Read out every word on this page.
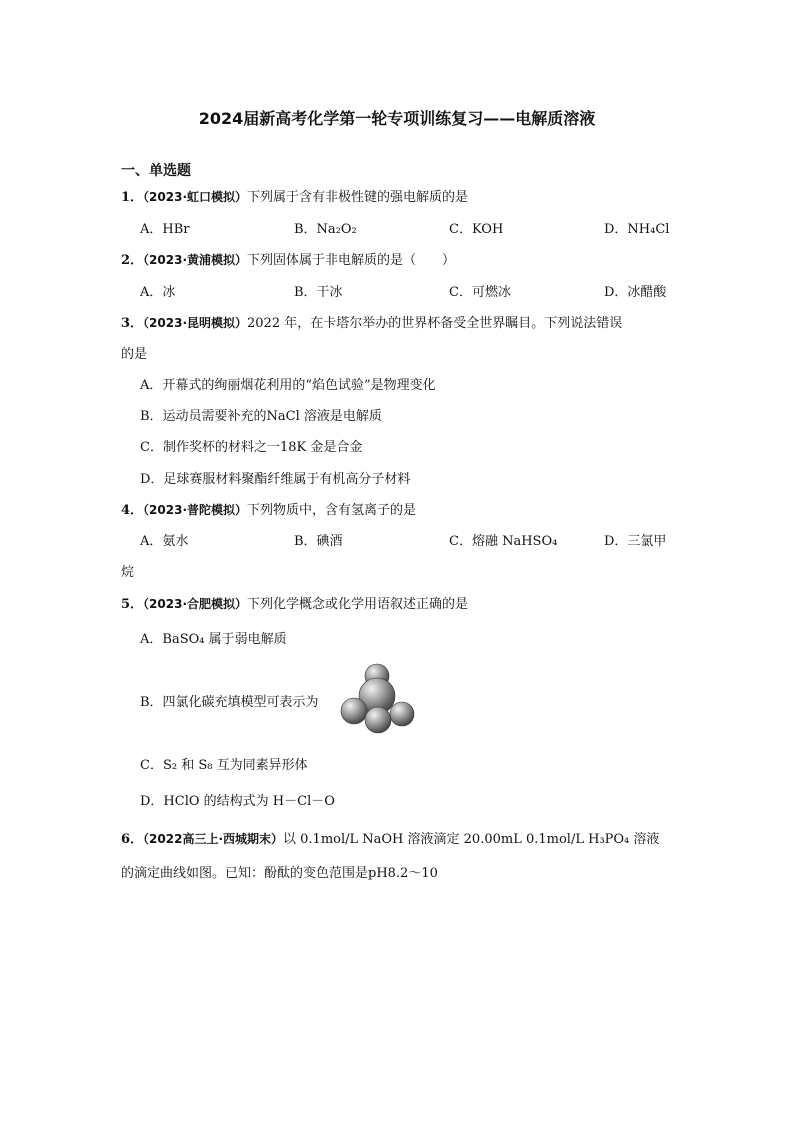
2024届新高考化学第一轮专项训练复习——电解质溶液
一、单选题
1．（2023·虹口模拟）下列属于含有非极性键的强电解质的是
A．HBr	B．Na₂O₂	C．KOH	D．NH₄Cl
2．（2023·黄浦模拟）下列固体属于非电解质的是（　　）
A．冰	B．干冰	C．可燃冰	D．冰醋酸
3．（2023·昆明模拟）2022 年，在卡塔尔举办的世界杯备受全世界瞩目。下列说法错误
的是
A．开幕式的绚丽烟花利用的“焰色试验”是物理变化
B．运动员需要补充的NaCl 溶液是电解质
C．制作奖杯的材料之一18K 金是合金
D．足球赛服材料聚酯纤维属于有机高分子材料
4．（2023·普陀模拟）下列物质中，含有氢离子的是
A．氨水	B．碘酒	C．熔融 NaHSO₄	D．三氯甲
烷
5．（2023·合肥模拟）下列化学概念或化学用语叙述正确的是
A．BaSO₄ 属于弱电解质
B．四氯化碳充填模型可表示为
C．S₂ 和 S₈ 互为同素异形体
D．HClO 的结构式为 H－Cl－O
6．（2022高三上·西城期末）以 0.1mol/L NaOH 溶液滴定 20.00mL 0.1mol/L H₃PO₄ 溶液
的滴定曲线如图。已知：酚酞的变色范围是pH8.2～10
